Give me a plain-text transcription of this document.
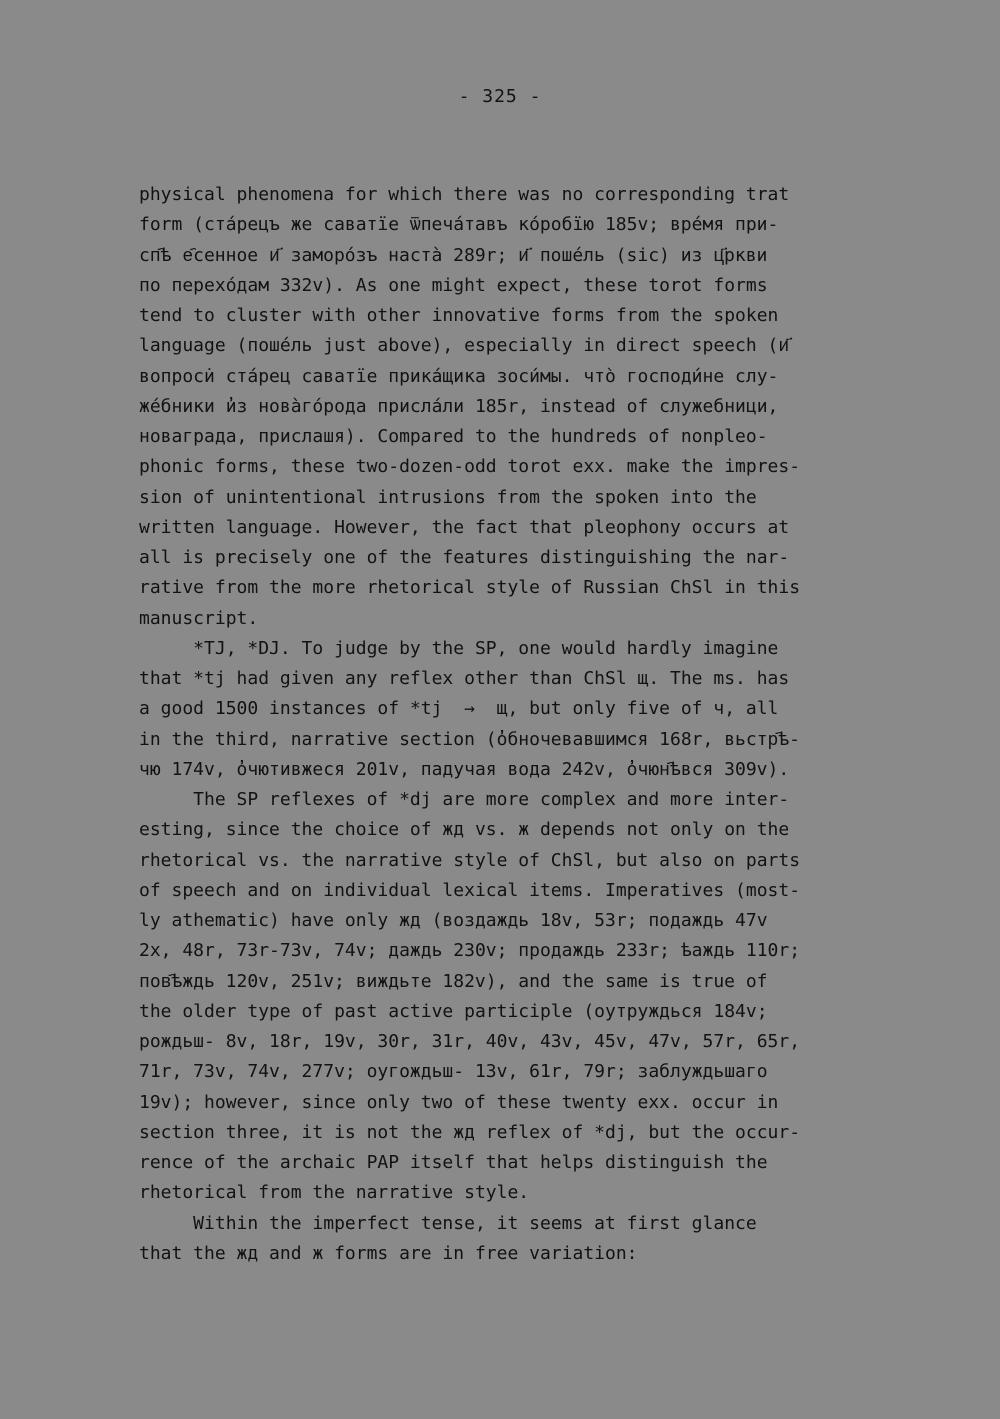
- 325 -
physical phenomena for which there was no corresponding trat
form (ста́рецъ же саватı̈е ѿпеча́тавъ ко́робı̈ю 185v; вре́мя при-
сп҄ѣ е҄сенное и҃ заморо́зъ наста̀ 289r; и҃ поше́ль (sic) из ц҃ркви
по перехо́дам 332v). As one might expect, these torot forms
tend to cluster with other innovative forms from the spoken
language (поше́ль just above), especially in direct speech (и҃
вопроси̇ ста́рец саватı̈е прика́щика зоси́мы. что̀ господи́не слу-
же́бники и̓з нова̀го́рода присла́ли 185r, instead of служебници,
новаграда, прислашя). Compared to the hundreds of nonpleo-
phonic forms, these two-dozen-odd torot exx. make the impres-
sion of unintentional intrusions from the spoken into the
written language. However, the fact that pleophony occurs at
all is precisely one of the features distinguishing the nar-
rative from the more rhetorical style of Russian ChSl in this
manuscript.
*TJ, *DJ. To judge by the SP, one would hardly imagine
that *tj had given any reflex other than ChSl щ. The ms. has
a good 1500 instances of *tj  →  щ, but only five of ч, all
in the third, narrative section (о̓бночевавшимся 168r, вьстр҄ѣ-
чю 174v, о̓чютивжеся 201v, падучая вода 242v, о̓чюн҄ѣвся 309v).
The SP reflexes of *dj are more complex and more inter-
esting, since the choice of жд vs. ж depends not only on the
rhetorical vs. the narrative style of ChSl, but also on parts
of speech and on individual lexical items. Imperatives (most-
ly athematic) have only жд (воздаждь 18v, 53r; подаждь 47v
2x, 48r, 73r-73v, 74v; даждь 230v; продаждь 233r; ѣаждь 110r;
пов҄ѣждь 120v, 251v; виждьте 182v), and the same is true of
the older type of past active participle (оутруждься 184v;
рождьш- 8v, 18r, 19v, 30r, 31r, 40v, 43v, 45v, 47v, 57r, 65r,
71r, 73v, 74v, 277v; оугождьш- 13v, 61r, 79r; заблуждьшаго
19v); however, since only two of these twenty exx. occur in
section three, it is not the жд reflex of *dj, but the occur-
rence of the archaic PAP itself that helps distinguish the
rhetorical from the narrative style.
Within the imperfect tense, it seems at first glance
that the жд and ж forms are in free variation:
